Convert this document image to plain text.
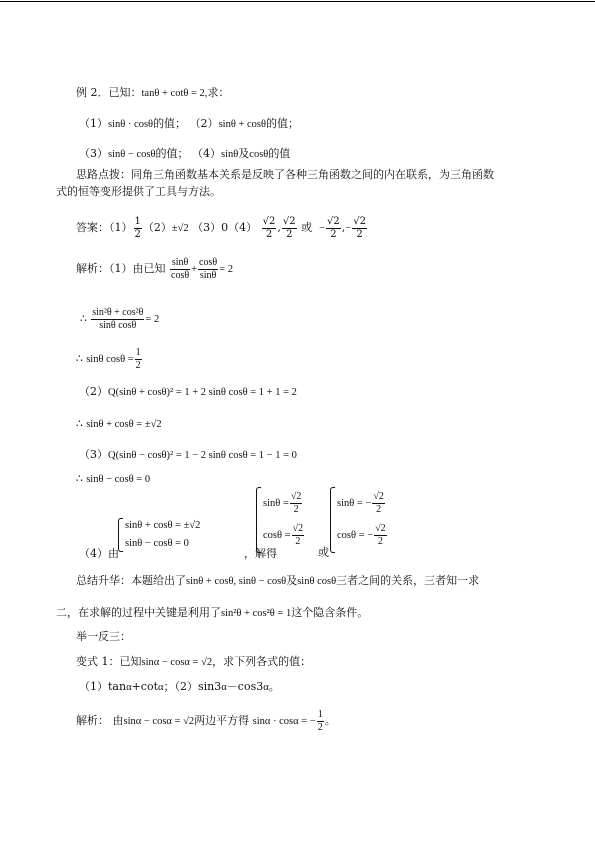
例 2．已知：tanθ + cotθ = 2,求：
（1）sinθ · cosθ的值； （2）sinθ + cosθ的值；
（3）sinθ − cosθ的值； （4）sinθ及cosθ的值
思路点拨：同角三角函数基本关系是反映了各种三角函数之间的内在联系，为三角函数
式的恒等变形提供了工具与方法。
答案：$(1) \frac{1}{2} (2)\pm√2$ $(3)0(4) \frac{√2}{2}$ , $\frac{√2}{2}$ 或 − $\frac{√2}{2}$ ,− $\frac{√2}{2}$
解析：（1）由已知 $\frac{\sin\theta}{\cos\theta} + \frac{\cos\theta}{\sin\theta} = 2$
∴ $\frac{\text{sin²θ + cos²θ}}{\text{sinθ cosθ}} = 2$
∴ sinθ $\cos\theta = \frac{1}{2}$
（2）Q(sinθ + cosθ)² = 1 + 2 sinθ cosθ = 1 + 1 = 2
∴ sinθ + cosθ = ±√2
（3）Q(sinθ − cosθ)² = 1 − 2 sinθ cosθ = 1 − 1 = 0
∴ sinθ − cosθ = 0
（4）由
sinθ + cosθ = ±√2
sinθ − cosθ = 0
，解得
$\sin\theta = \frac{√2}{2}$
$\cos\theta = \frac{√2}{2}$
或
sinθ = − $\frac{√2}{2}$
cosθ = − $\frac{√2}{2}$
总结升华：本题给出了sinθ + cosθ, sinθ − cosθ及sinθ cosθ三者之间的关系，三者知一求
二，在求解的过程中关键是利用了sin²θ + cos²θ = 1这个隐含条件。
举一反三：
变式 1：已知sinα − cosα = √2，求下列各式的值：
（1）tanα+cotα；（2）sin3α－cos3α。
解析： 由sinα − cosα = √2两边平方得 sinα · cosα = − $\frac{1}{2}$ 。
